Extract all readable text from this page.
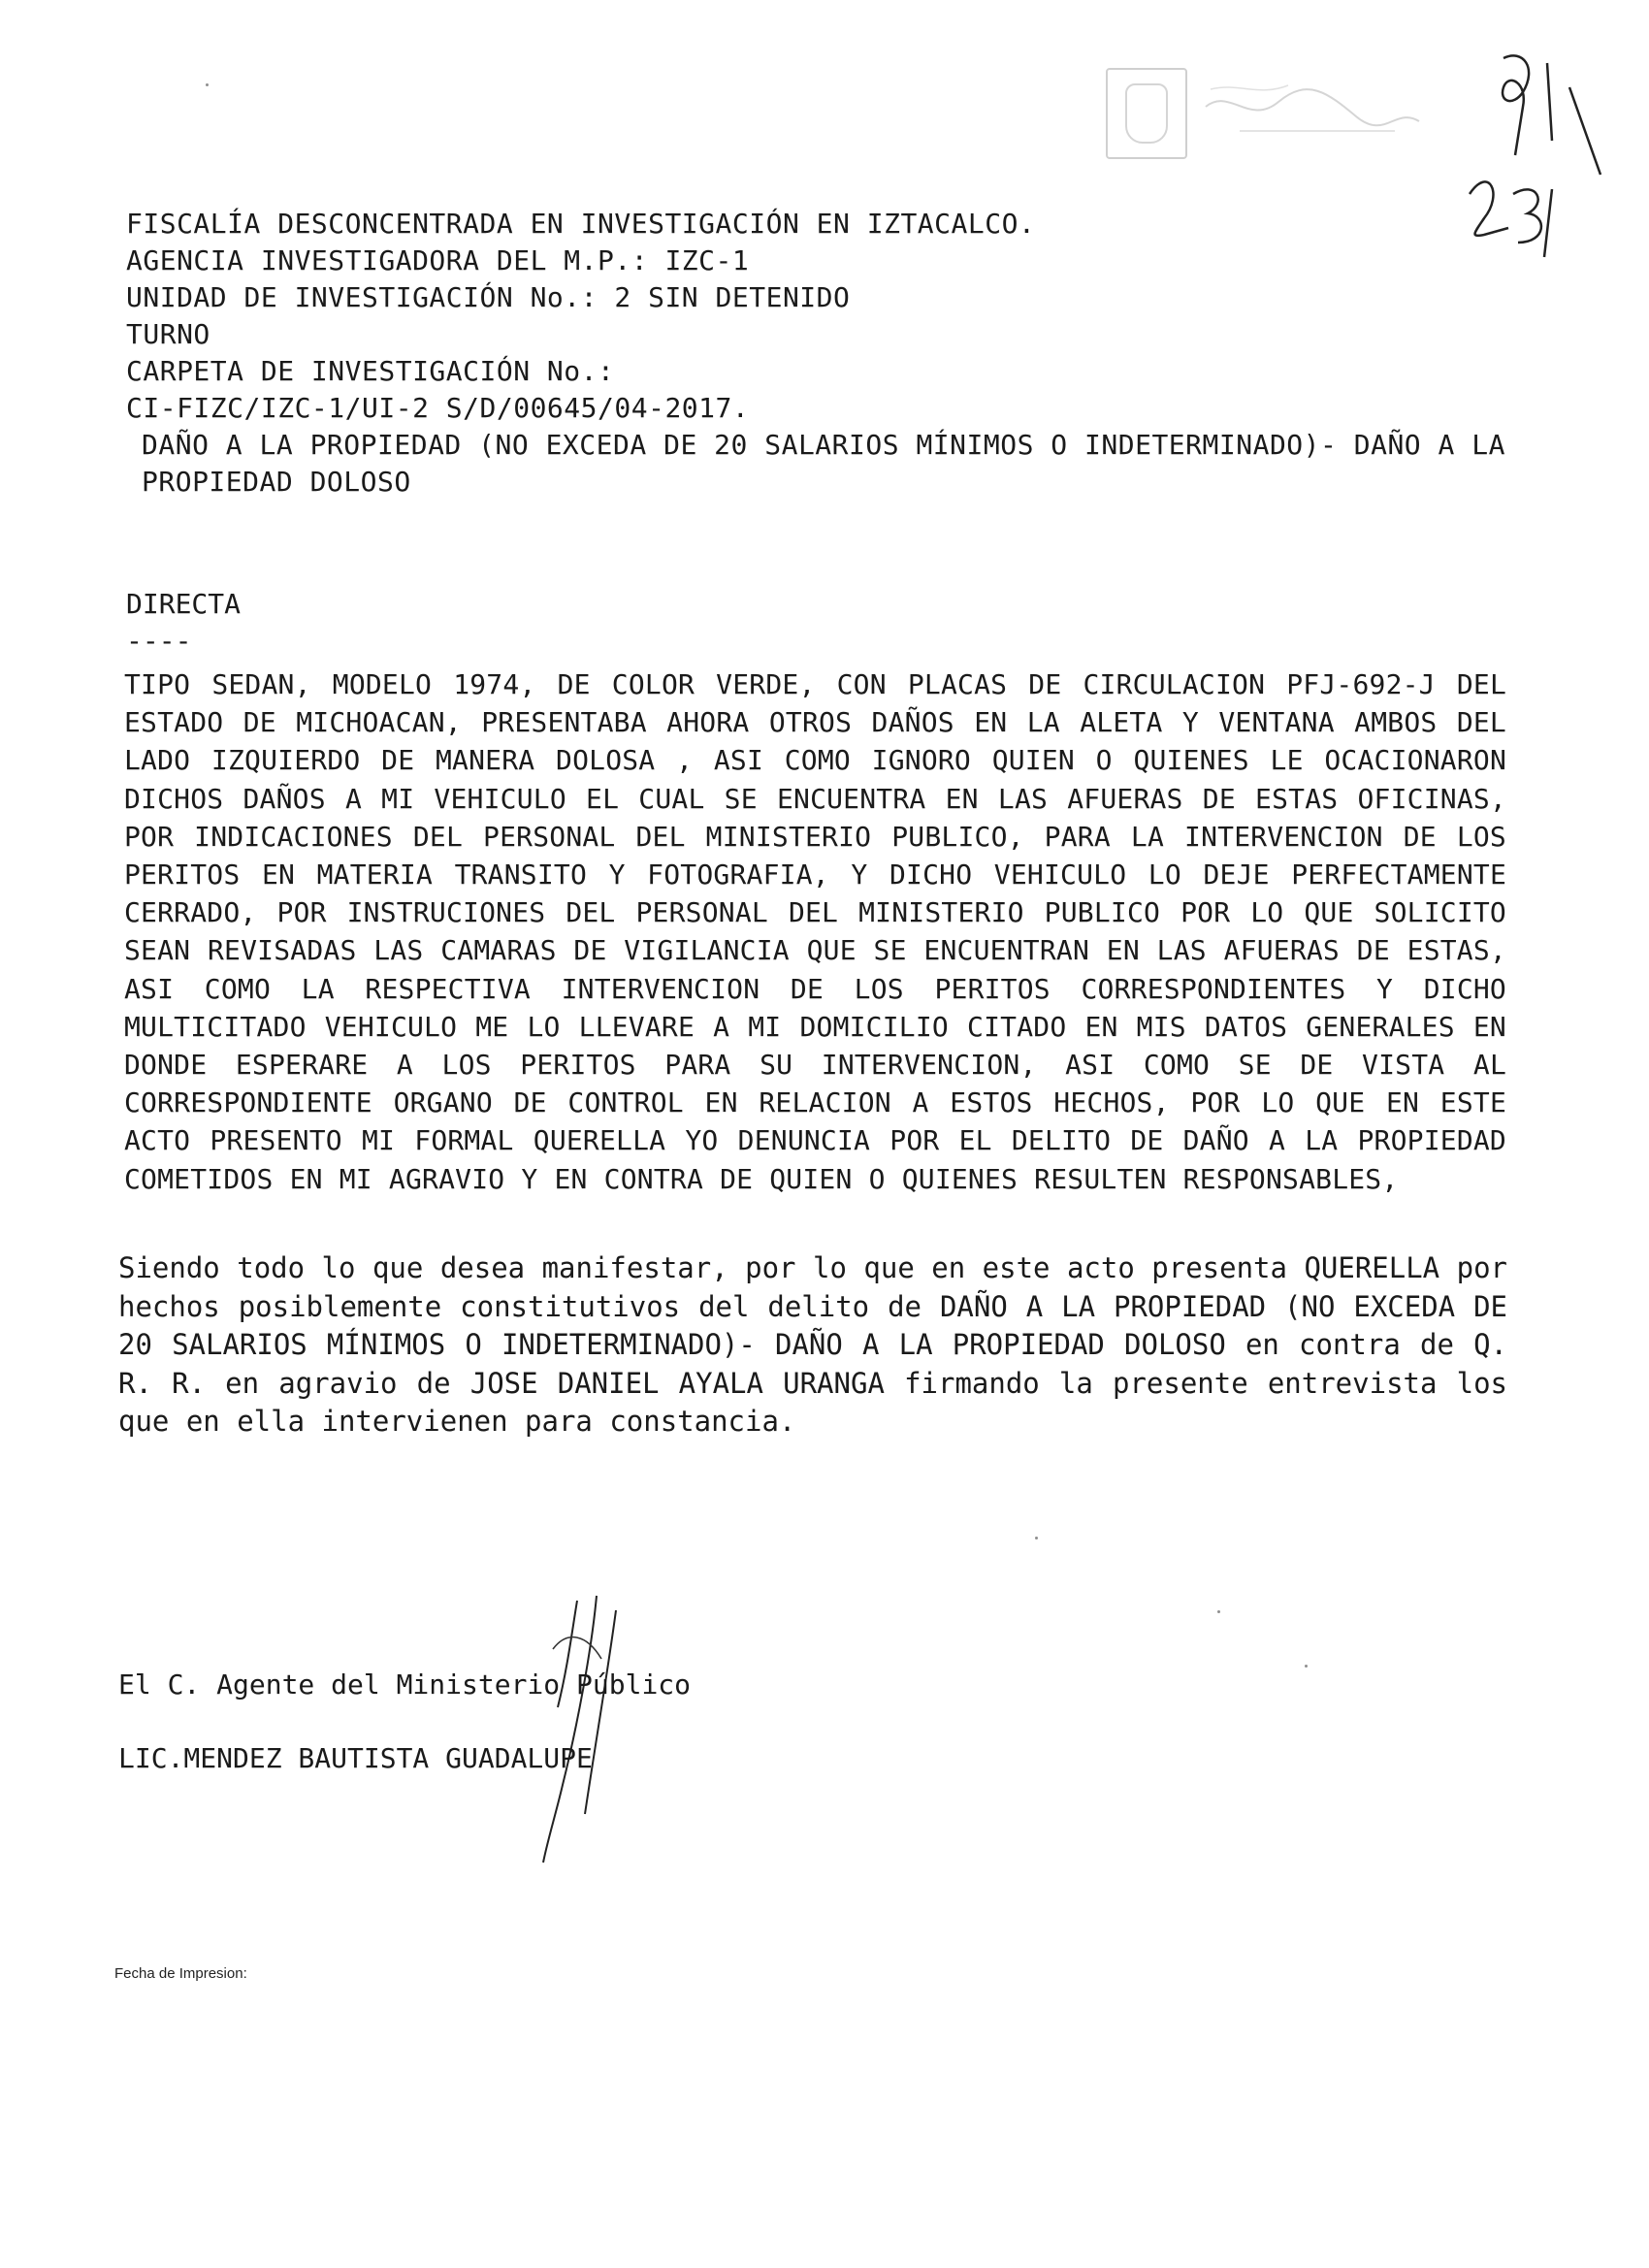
FISCALÍA DESCONCENTRADA EN INVESTIGACIÓN EN IZTACALCO.
AGENCIA INVESTIGADORA DEL M.P.: IZC-1
UNIDAD DE INVESTIGACIÓN No.: 2 SIN DETENIDO
TURNO
CARPETA DE INVESTIGACIÓN No.:
CI-FIZC/IZC-1/UI-2 S/D/00645/04-2017.
DAÑO A LA PROPIEDAD (NO EXCEDA DE 20 SALARIOS MÍNIMOS O INDETERMINADO)- DAÑO A LA PROPIEDAD DOLOSO
DIRECTA
----
TIPO SEDAN, MODELO 1974, DE COLOR VERDE, CON PLACAS DE CIRCULACION PFJ-692-J DEL ESTADO DE MICHOACAN, PRESENTABA AHORA OTROS DAÑOS EN LA ALETA Y VENTANA AMBOS DEL LADO IZQUIERDO DE MANERA DOLOSA , ASI COMO IGNORO QUIEN O QUIENES LE OCACIONARON DICHOS DAÑOS A MI VEHICULO EL CUAL SE ENCUENTRA EN LAS AFUERAS DE ESTAS OFICINAS, POR INDICACIONES DEL PERSONAL DEL MINISTERIO PUBLICO, PARA LA INTERVENCION DE LOS PERITOS EN MATERIA TRANSITO Y FOTOGRAFIA, Y DICHO VEHICULO LO DEJE PERFECTAMENTE CERRADO, POR INSTRUCIONES DEL PERSONAL DEL MINISTERIO PUBLICO POR LO QUE SOLICITO SEAN REVISADAS LAS CAMARAS DE VIGILANCIA QUE SE ENCUENTRAN EN LAS AFUERAS DE ESTAS, ASI COMO LA RESPECTIVA INTERVENCION DE LOS PERITOS CORRESPONDIENTES Y DICHO MULTICITADO VEHICULO ME LO LLEVARE A MI DOMICILIO CITADO EN MIS DATOS GENERALES EN DONDE ESPERARE A LOS PERITOS PARA SU INTERVENCION, ASI COMO SE DE VISTA AL CORRESPONDIENTE ORGANO DE CONTROL EN RELACION A ESTOS HECHOS, POR LO QUE EN ESTE ACTO PRESENTO MI FORMAL QUERELLA YO DENUNCIA POR EL DELITO DE DAÑO A LA PROPIEDAD COMETIDOS EN MI AGRAVIO Y EN CONTRA DE QUIEN O QUIENES RESULTEN RESPONSABLES,
Siendo todo lo que desea manifestar, por lo que en este acto presenta QUERELLA por hechos posiblemente constitutivos del delito de DAÑO A LA PROPIEDAD (NO EXCEDA DE 20 SALARIOS MÍNIMOS O INDETERMINADO)- DAÑO A LA PROPIEDAD DOLOSO en contra de Q. R. R. en agravio de JOSE DANIEL AYALA URANGA firmando la presente entrevista los que en ella intervienen para constancia.
El C. Agente del Ministerio Público
LIC.MENDEZ BAUTISTA GUADALUPE
Fecha de Impresion:
